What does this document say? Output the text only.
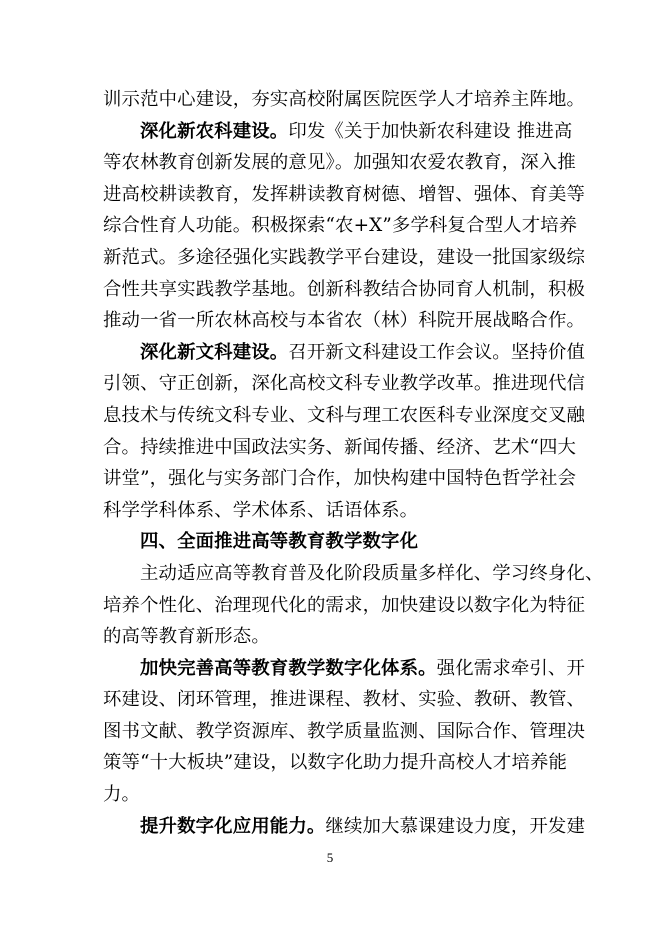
训示范中心建设，夯实高校附属医院医学人才培养主阵地。
深化新农科建设。印发《关于加快新农科建设 推进高
等农林教育创新发展的意见》。加强知农爱农教育，深入推
进高校耕读教育，发挥耕读教育树德、增智、强体、育美等
综合性育人功能。积极探索“农+X”多学科复合型人才培养
新范式。多途径强化实践教学平台建设，建设一批国家级综
合性共享实践教学基地。创新科教结合协同育人机制，积极
推动一省一所农林高校与本省农（林）科院开展战略合作。
深化新文科建设。召开新文科建设工作会议。坚持价值
引领、守正创新，深化高校文科专业教学改革。推进现代信
息技术与传统文科专业、文科与理工农医科专业深度交叉融
合。持续推进中国政法实务、新闻传播、经济、艺术“四大
讲堂”，强化与实务部门合作，加快构建中国特色哲学社会
科学学科体系、学术体系、话语体系。
四、全面推进高等教育教学数字化
主动适应高等教育普及化阶段质量多样化、学习终身化、
培养个性化、治理现代化的需求，加快建设以数字化为特征
的高等教育新形态。
加快完善高等教育教学数字化体系。强化需求牵引、开
环建设、闭环管理，推进课程、教材、实验、教研、教管、
图书文献、教学资源库、教学质量监测、国际合作、管理决
策等“十大板块”建设，以数字化助力提升高校人才培养能
力。
提升数字化应用能力。继续加大慕课建设力度，开发建
5
